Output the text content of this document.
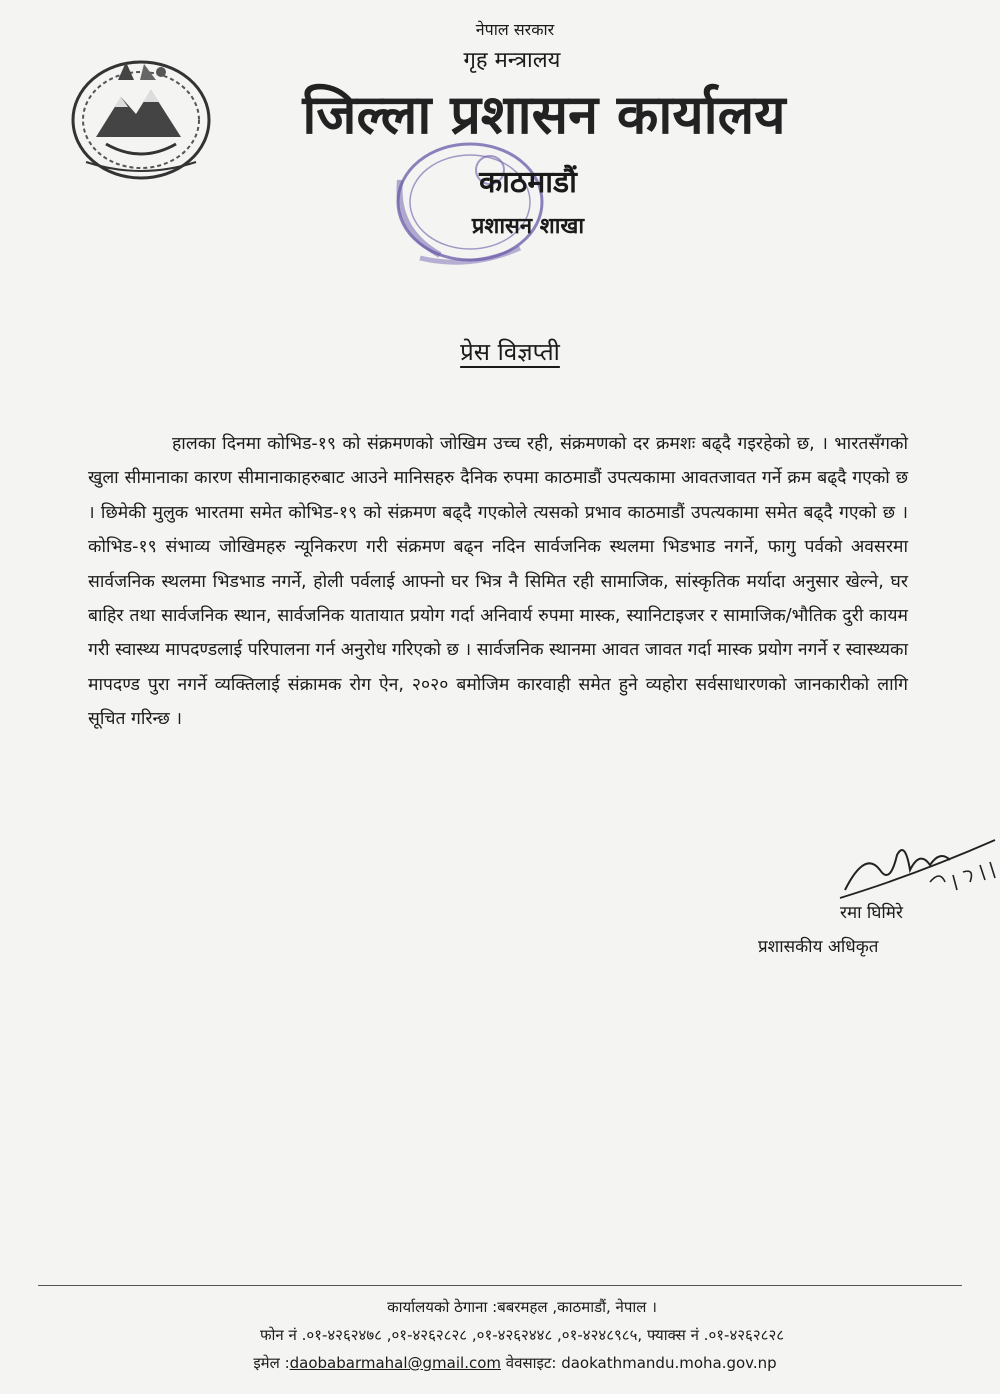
नेपाल सरकार
गृह मन्त्रालय
जिल्ला प्रशासन कार्यालय
काठमाडौं
प्रशासन शाखा
प्रेस विज्ञप्ती
हालका दिनमा कोभिड-१९ को संक्रमणको जोखिम उच्च रही, संक्रमणको दर क्रमशः बढ्दै गइरहेको छ, । भारतसँगको खुला सीमानाका कारण सीमानाकाहरुबाट आउने मानिसहरु दैनिक रुपमा काठमाडौं उपत्यकामा आवतजावत गर्ने क्रम बढ्दै गएको छ । छिमेकी मुलुक भारतमा समेत कोभिड-१९ को संक्रमण बढ्दै गएकोले त्यसको प्रभाव काठमाडौं उपत्यकामा समेत बढ्दै गएको छ । कोभिड-१९ संभाव्य जोखिमहरु न्यूनिकरण गरी संक्रमण बढ्न नदिन सार्वजनिक स्थलमा भिडभाड नगर्ने, फागु पर्वको अवसरमा सार्वजनिक स्थलमा भिडभाड नगर्ने, होली पर्वलाई आफ्नो घर भित्र नै सिमित रही सामाजिक, सांस्कृतिक मर्यादा अनुसार खेल्ने, घर बाहिर तथा सार्वजनिक स्थान, सार्वजनिक यातायात प्रयोग गर्दा अनिवार्य रुपमा मास्क, स्यानिटाइजर र सामाजिक/भौतिक दुरी कायम गरी स्वास्थ्य मापदण्डलाई परिपालना गर्न अनुरोध गरिएको छ । सार्वजनिक स्थानमा आवत जावत गर्दा मास्क प्रयोग नगर्ने र स्वास्थ्यका मापदण्ड पुरा नगर्ने व्यक्तिलाई संक्रामक रोग ऐन, २०२० बमोजिम कारवाही समेत हुने व्यहोरा सर्वसाधारणको जानकारीको लागि सूचित गरिन्छ ।
रमा घिमिरे
प्रशासकीय अधिकृत
कार्यालयको ठेगाना :बबरमहल ,काठमाडौं, नेपाल ।
फोन नं .०१-४२६२४७८ ,०१-४२६२८२८ ,०१-४२६२४४८ ,०१-४२४८९८५, फ्याक्स नं .०१-४२६२८२८
इमेल :daobabarmahal@gmail.com वेवसाइट: daokathmandu.moha.gov.np
